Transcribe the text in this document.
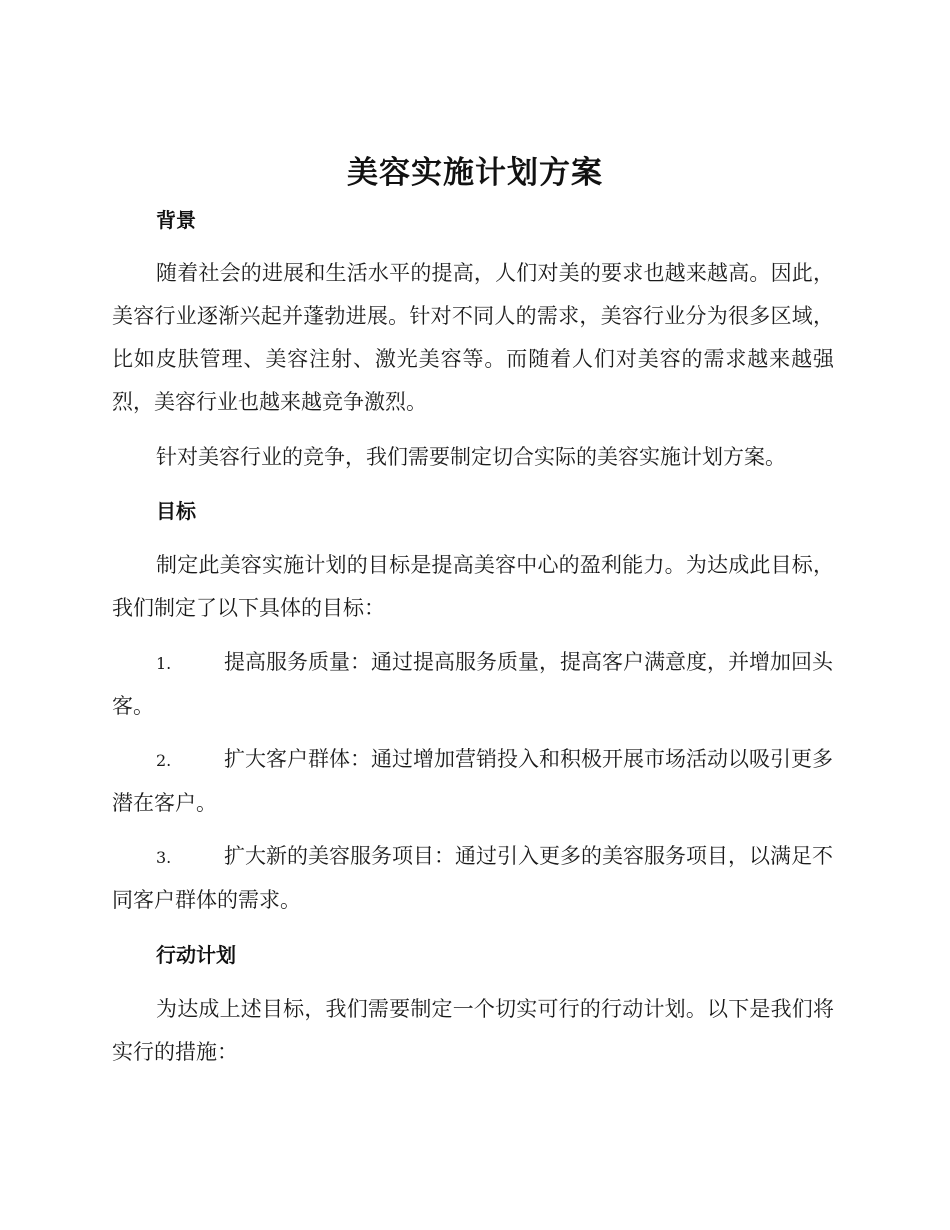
美容实施计划方案
背景

随着社会的进展和生活水平的提高，人们对美的要求也越来越高。因此，美容行业逐渐兴起并蓬勃进展。针对不同人的需求，美容行业分为很多区域，比如皮肤管理、美容注射、激光美容等。而随着人们对美容的需求越来越强烈，美容行业也越来越竞争激烈。

针对美容行业的竞争，我们需要制定切合实际的美容实施计划方案。

目标

制定此美容实施计划的目标是提高美容中心的盈利能力。为达成此目标，我们制定了以下具体的目标：

1.	提高服务质量：通过提高服务质量，提高客户满意度，并增加回头客。

2.	扩大客户群体：通过增加营销投入和积极开展市场活动以吸引更多潜在客户。

3.	扩大新的美容服务项目：通过引入更多的美容服务项目，以满足不同客户群体的需求。

行动计划

为达成上述目标，我们需要制定一个切实可行的行动计划。以下是我们将实行的措施：
